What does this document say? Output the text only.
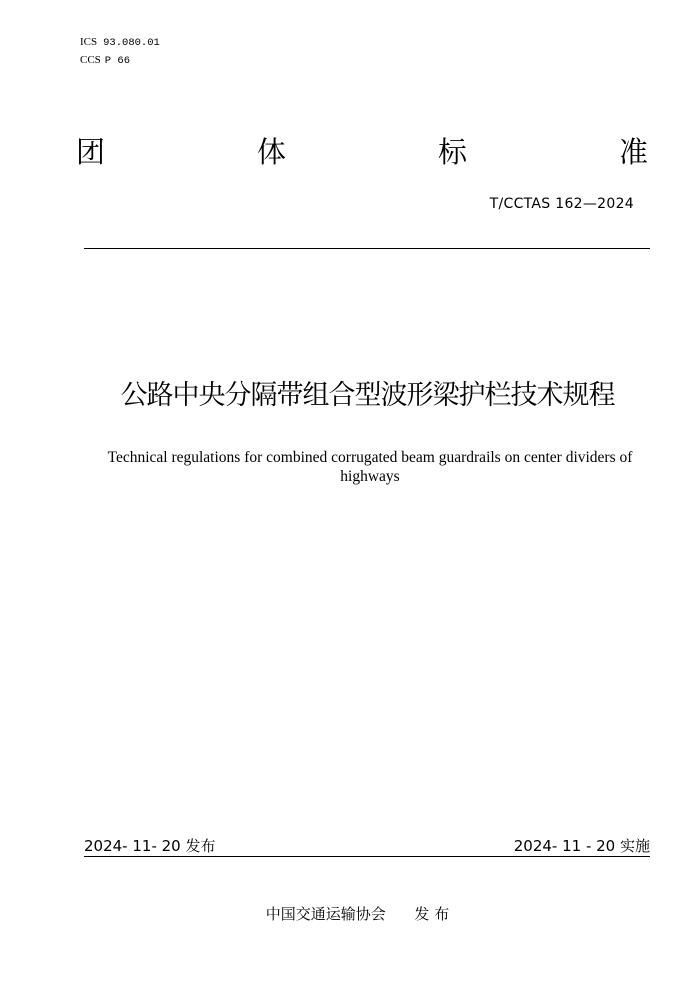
ICS 93.080.01
CCS P 66
团	体	标	准
T/CCTAS 162—2024
公路中央分隔带组合型波形梁护栏技术规程
Technical regulations for combined corrugated beam guardrails on center dividers of highways
2024- 11- 20 发布	2024- 11 - 20 实施
中国交通运输协会 发 布
